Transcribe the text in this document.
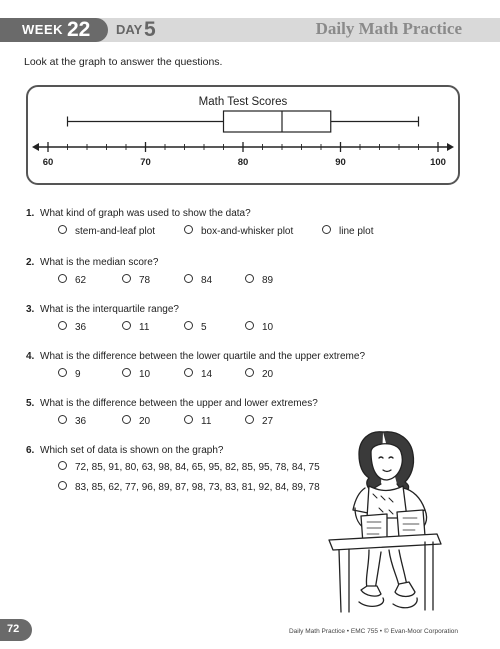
WEEK 22 DAY 5	Daily Math Practice
Look at the graph to answer the questions.
Math Test Scores
60	70	80	90	100
1. What kind of graph was used to show the data?
stem-and-leaf plot	box-and-whisker plot	line plot
2. What is the median score?
62	78	84	89
3. What is the interquartile range?
36	11	5	10
4. What is the difference between the lower quartile and the upper extreme?
9	10	14	20
5. What is the difference between the upper and lower extremes?
36	20	11	27
6. Which set of data is shown on the graph?
72, 85, 91, 80, 63, 98, 84, 65, 95, 82, 85, 95, 78, 84, 75
83, 85, 62, 77, 96, 89, 87, 98, 73, 83, 81, 92, 84, 89, 78
72	Daily Math Practice • EMC 755 • © Evan-Moor Corporation
